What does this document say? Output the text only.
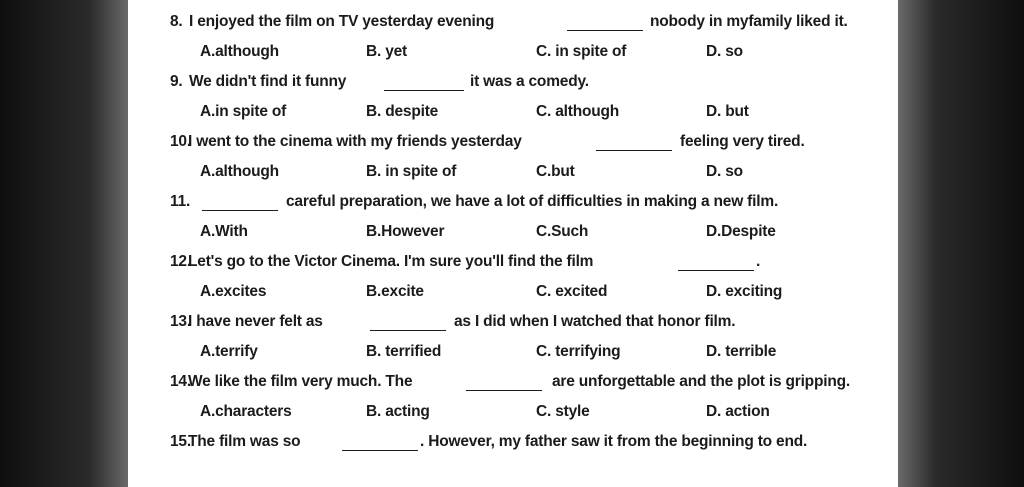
8. I enjoyed the film on TV yesterday evening	nobody in myfamily liked it.
A.although	B. yet	C. in spite of	D. so
9. We didn't find it funny	it was a comedy.
A.in spite of	B. despite	C. although	D. but
10.
I went to the cinema with my friends yesterday	feeling very tired.
A.although	B. in spite of	C.but	D. so
11.	careful preparation, we have a lot of difficulties in making a new film.
A.With	B.However	C.Such	D.Despite
12.
Let's go to the Victor Cinema. I'm sure you'll find the film	.
A.excites	B.excite	C. excited	D. exciting
13.
I have never felt as	as I did when I watched that honor film.
A.terrify	B. terrified	C. terrifying	D. terrible
14.
We like the film very much. The	are unforgettable and the plot is gripping.
A.characters	B. acting	C. style	D. action
15.
The film was so	. However, my father saw it from the beginning to end.
